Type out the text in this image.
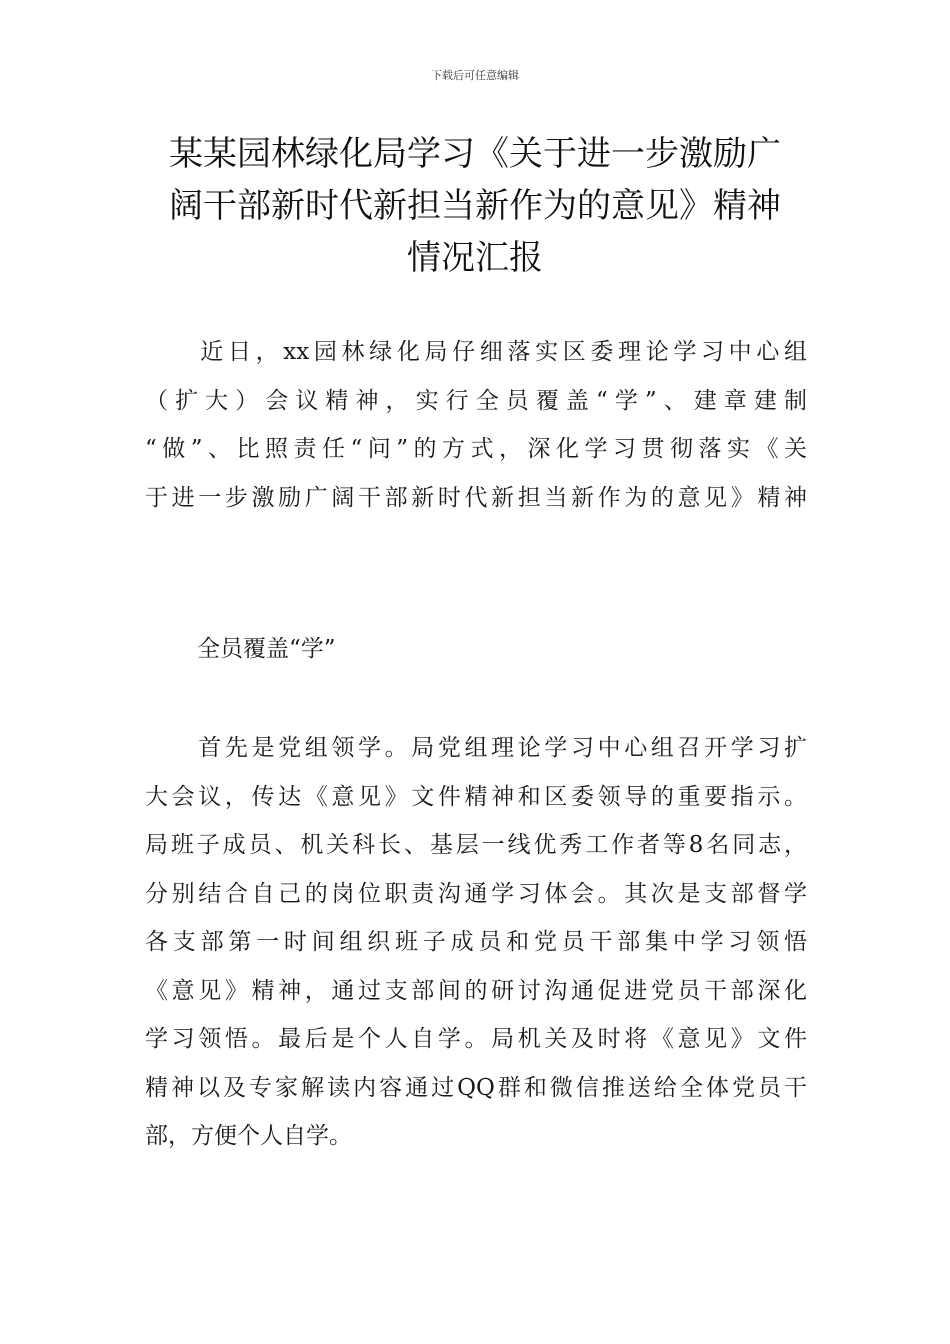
下载后可任意编辑
某某园林绿化局学习《关于进一步激励广
阔干部新时代新担当新作为的意见》精神
情况汇报

　　近日，xx园林绿化局仔细落实区委理论学习中心组
（扩大）会议精神，实行全员覆盖“学”、建章建制
“做”、比照责任“问”的方式，深化学习贯彻落实《关
于进一步激励广阔干部新时代新担当新作为的意见》精神

全员覆盖“学”

　　首先是党组领学。局党组理论学习中心组召开学习扩
大会议，传达《意见》文件精神和区委领导的重要指示。
局班子成员、机关科长、基层一线优秀工作者等8名同志，
分别结合自己的岗位职责沟通学习体会。其次是支部督学
各支部第一时间组织班子成员和党员干部集中学习领悟
《意见》精神，通过支部间的研讨沟通促进党员干部深化
学习领悟。最后是个人自学。局机关及时将《意见》文件
精神以及专家解读内容通过QQ群和微信推送给全体党员干
部，方便个人自学。
